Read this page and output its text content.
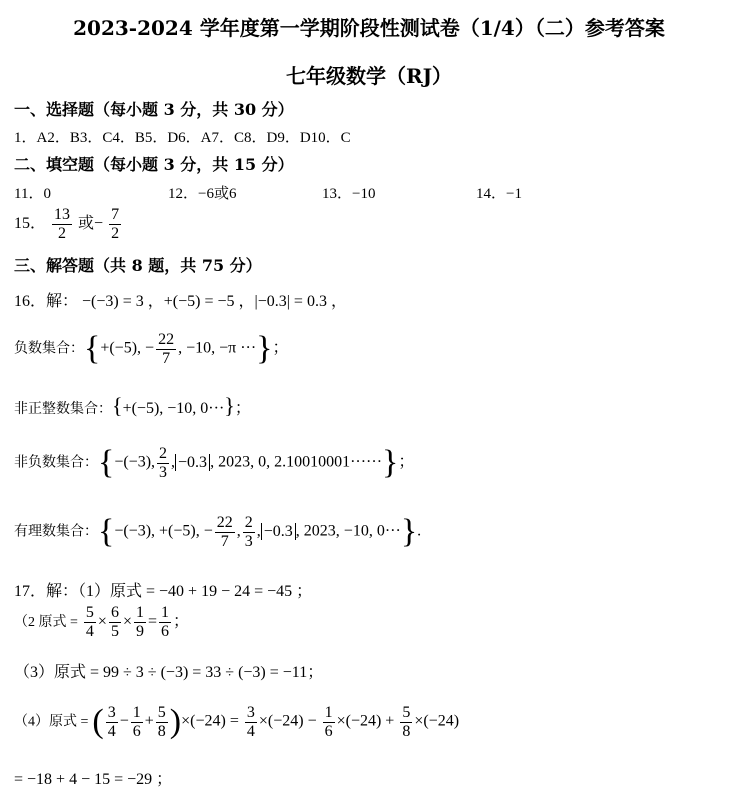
2023-2024 学年度第一学期阶段性测试卷（1/4）（二）参考答案
七年级数学（RJ）
一、选择题（每小题 3 分，共 30 分）
1．A2．B3．C4．B5．D6．A7．C8．D9．D10．C
二、填空题（每小题 3 分，共 15 分）
11．0	12．−6或6	13．−10	14．−1
15． $\frac{13}{2}$ 或− $\frac{7}{2}$
三、解答题（共 8 题，共 75 分）
16．解： −(−3) = 3 ，+(−5) = −5 ，|−0.3| = 0.3 ，
负数集合：{+(−5), − $\frac{22}{7}$ , −10, −π ···}；
非正整数集合：{+(−5), −10, 0···}；
非负数集合：{−(−3), $\frac{2}{3}$ , −0.3 , 2023, 0, 2.10010001······}；
有理数集合：{−(−3), +(−5), − $\frac{22}{7}$ , $\frac{2}{3}$ , −0.3 , 2023, −10, 0···}.
17．解：（1）原式 = −40 + 19 − 24 = −45 ；
（2 原式 = $\frac{5}{4} \times \frac{6}{5} \times \frac{1}{9} = \frac{1}{6}$ ；
（3）原式 = 99 ÷ 3 ÷ (−3) = 33 ÷ (−3) = −11；
（4）原式 = ( $\frac{3}{4} - \frac{1}{6} + \frac{5}{8} )\times(-24) = \frac{3}{4} \times(-24) - \frac{1}{6} \times(-24) + \frac{5}{8} \times(-24)$
= −18 + 4 − 15 = −29 ；
